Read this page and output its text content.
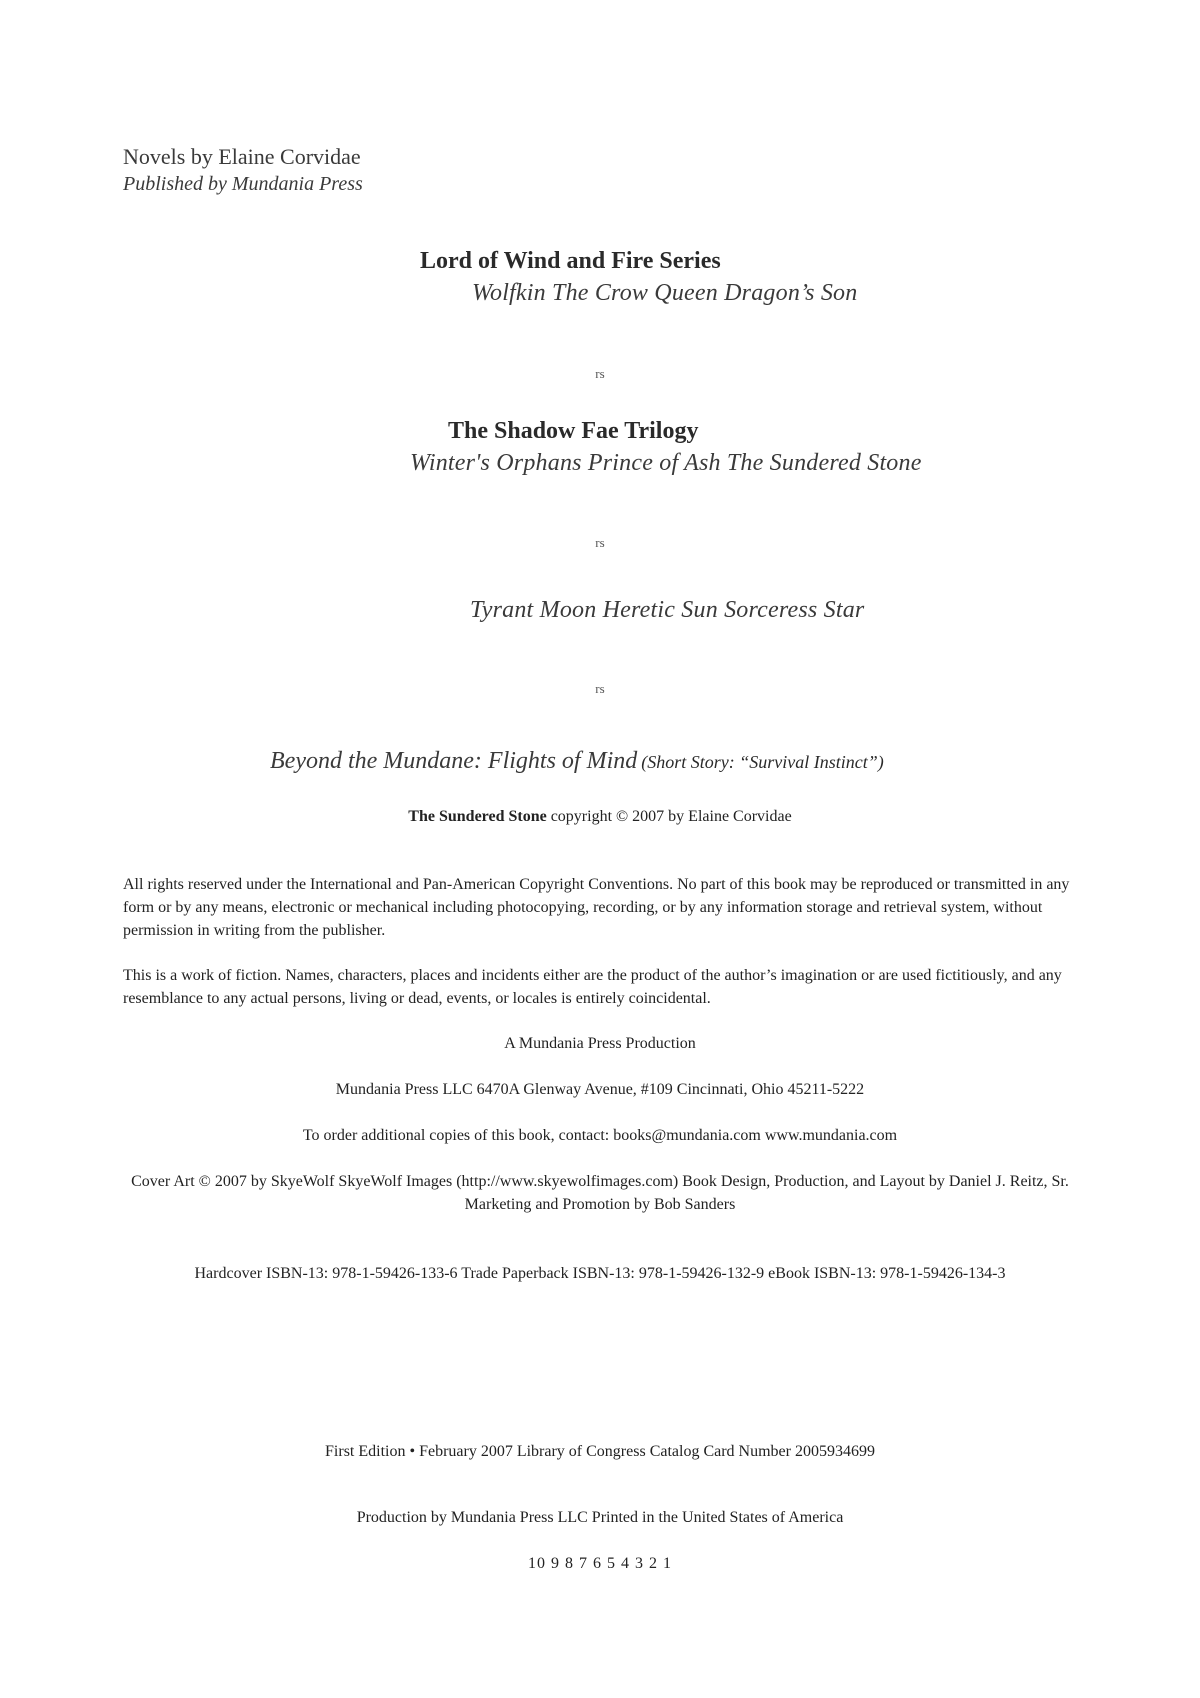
Novels by Elaine Corvidae
Published by Mundania Press
Lord of Wind and Fire Series
Wolfkin The Crow Queen Dragon’s Son
rs
The Shadow Fae Trilogy
Winter's Orphans Prince of Ash The Sundered Stone
rs
Tyrant Moon Heretic Sun Sorceress Star
rs
Beyond the Mundane: Flights of Mind (Short Story: “Survival Instinct”)
The Sundered Stone copyright © 2007 by Elaine Corvidae
All rights reserved under the International and Pan-American Copyright Conventions. No part of this book may be reproduced or transmitted in any form or by any means, electronic or mechanical including photocopying, recording, or by any information storage and retrieval system, without permission in writing from the publisher.
This is a work of fiction. Names, characters, places and incidents either are the product of the author’s imagination or are used fictitiously, and any resemblance to any actual persons, living or dead, events, or locales is entirely coincidental.
A Mundania Press Production
Mundania Press LLC 6470A Glenway Avenue, #109 Cincinnati, Ohio 45211-5222
To order additional copies of this book, contact: books@mundania.com www.mundania.com
Cover Art © 2007 by SkyeWolf SkyeWolf Images (http://www.skyewolfimages.com) Book Design, Production, and Layout by Daniel J. Reitz, Sr. Marketing and Promotion by Bob Sanders
Hardcover ISBN-13: 978-1-59426-133-6 Trade Paperback ISBN-13: 978-1-59426-132-9 eBook ISBN-13: 978-1-59426-134-3
First Edition • February 2007 Library of Congress Catalog Card Number 2005934699
Production by Mundania Press LLC Printed in the United States of America
10 9 8 7 6 5 4 3 2 1
